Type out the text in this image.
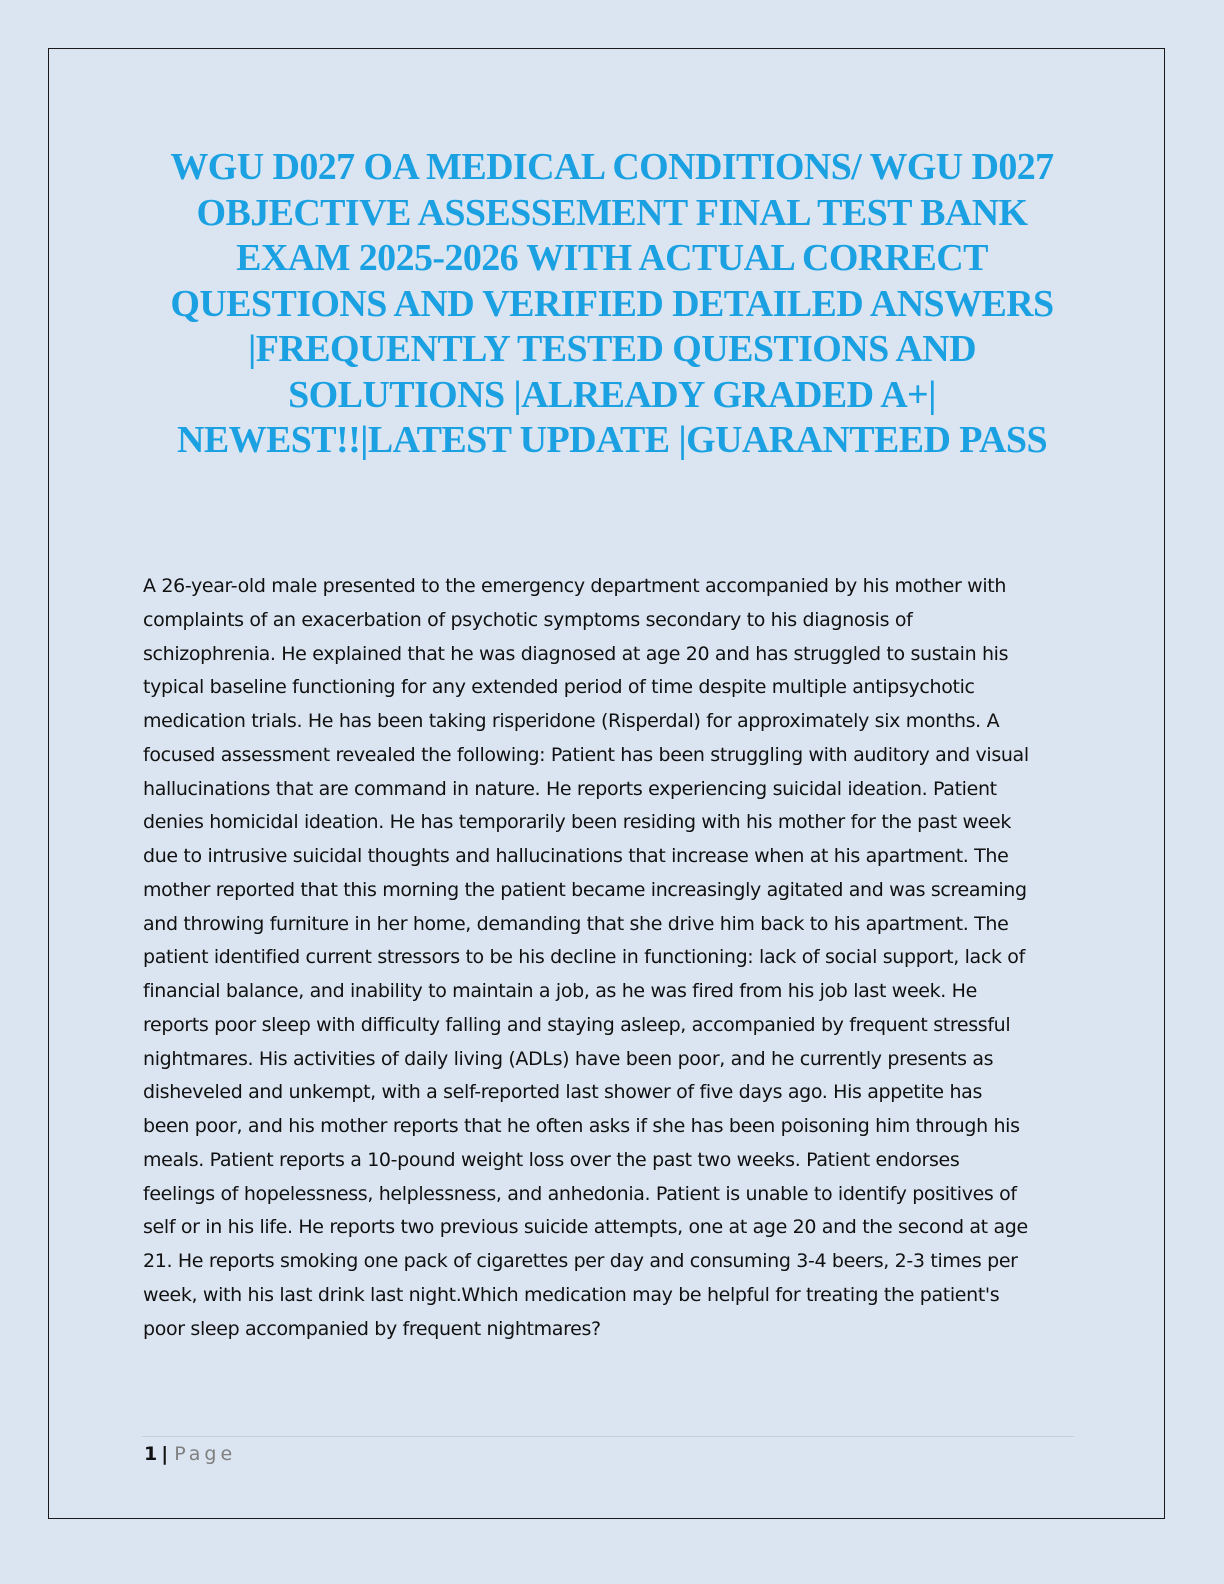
WGU D027 OA MEDICAL CONDITIONS/ WGU D027
OBJECTIVE ASSESSEMENT FINAL TEST BANK
EXAM 2025-2026 WITH ACTUAL CORRECT
QUESTIONS AND VERIFIED DETAILED ANSWERS
|FREQUENTLY TESTED QUESTIONS AND
SOLUTIONS |ALREADY GRADED A+|
NEWEST!!|LATEST UPDATE |GUARANTEED PASS

A 26-year-old male presented to the emergency department accompanied by his mother with
complaints of an exacerbation of psychotic symptoms secondary to his diagnosis of
schizophrenia. He explained that he was diagnosed at age 20 and has struggled to sustain his
typical baseline functioning for any extended period of time despite multiple antipsychotic
medication trials. He has been taking risperidone (Risperdal) for approximately six months. A
focused assessment revealed the following: Patient has been struggling with auditory and visual
hallucinations that are command in nature. He reports experiencing suicidal ideation. Patient
denies homicidal ideation. He has temporarily been residing with his mother for the past week
due to intrusive suicidal thoughts and hallucinations that increase when at his apartment. The
mother reported that this morning the patient became increasingly agitated and was screaming
and throwing furniture in her home, demanding that she drive him back to his apartment. The
patient identified current stressors to be his decline in functioning: lack of social support, lack of
financial balance, and inability to maintain a job, as he was fired from his job last week. He
reports poor sleep with difficulty falling and staying asleep, accompanied by frequent stressful
nightmares. His activities of daily living (ADLs) have been poor, and he currently presents as
disheveled and unkempt, with a self-reported last shower of five days ago. His appetite has
been poor, and his mother reports that he often asks if she has been poisoning him through his
meals. Patient reports a 10-pound weight loss over the past two weeks. Patient endorses
feelings of hopelessness, helplessness, and anhedonia. Patient is unable to identify positives of
self or in his life. He reports two previous suicide attempts, one at age 20 and the second at age
21. He reports smoking one pack of cigarettes per day and consuming 3-4 beers, 2-3 times per
week, with his last drink last night.Which medication may be helpful for treating the patient's
poor sleep accompanied by frequent nightmares?

1 | Page
